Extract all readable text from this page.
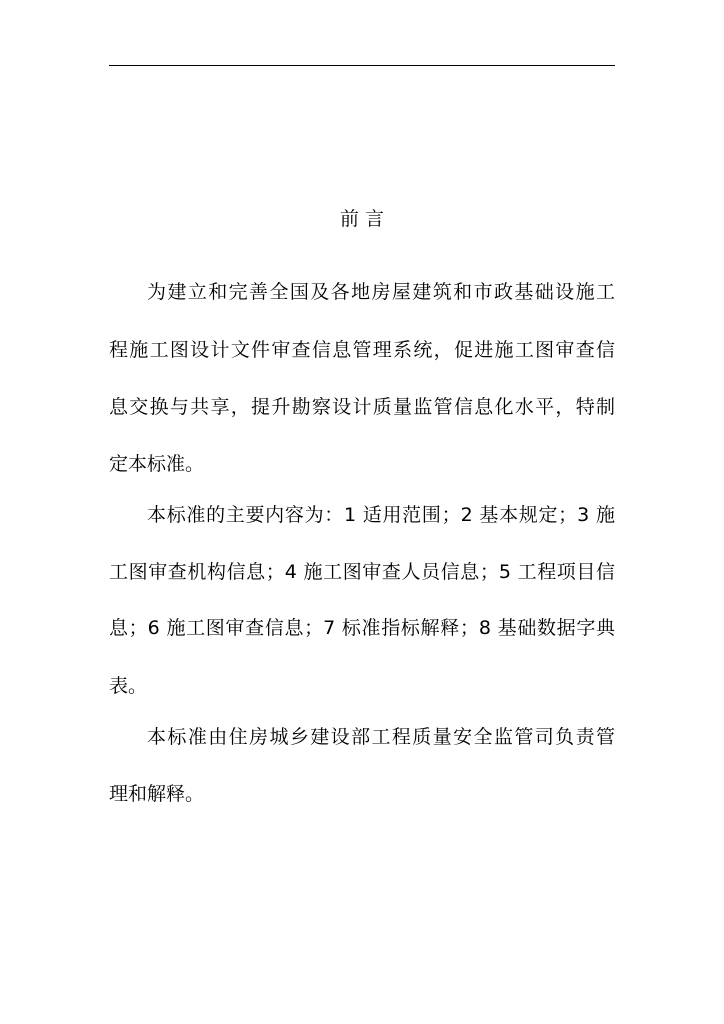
前 言
为建立和完善全国及各地房屋建筑和市政基础设施工
程施工图设计文件审查信息管理系统，促进施工图审查信
息交换与共享，提升勘察设计质量监管信息化水平，特制
定本标准。
本标准的主要内容为：1 适用范围；2 基本规定；3 施
工图审查机构信息；4 施工图审查人员信息；5 工程项目信
息；6 施工图审查信息；7 标准指标解释；8 基础数据字典
表。
本标准由住房城乡建设部工程质量安全监管司负责管
理和解释。
